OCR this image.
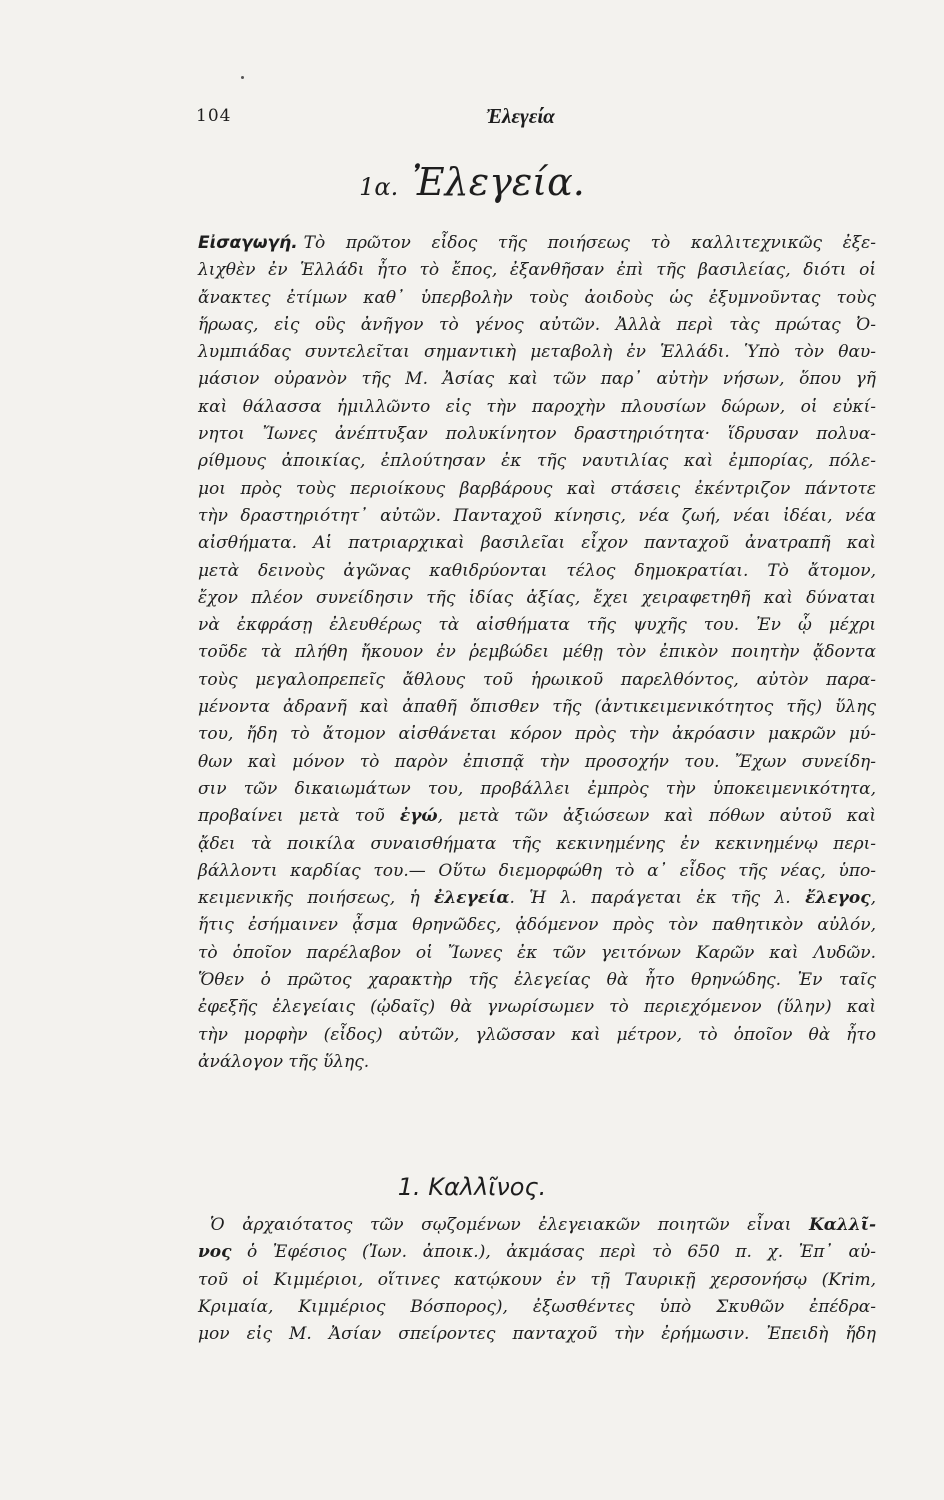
104	Ἐλεγεία
1α. Ἐλεγεία.
Εἰσαγωγή. Τὸ πρῶτον εἶδος τῆς ποιήσεως τὸ καλλιτεχνικῶς ἐξε-
λιχθὲν ἐν Ἑλλάδι ἦτο τὸ ἔπος, ἐξανθῆσαν ἐπὶ τῆς βασιλείας, διότι οἱ
ἄνακτες ἐτίμων καθ᾽ ὑπερβολὴν τοὺς ἀοιδοὺς ὡς ἐξυμνοῦντας τοὺς
ἥρωας, εἰς οὓς ἀνῆγον τὸ γένος αὐτῶν. Ἀλλὰ περὶ τὰς πρώτας Ὀ-
λυμπιάδας συντελεῖται σημαντικὴ μεταβολὴ ἐν Ἑλλάδι. Ὑπὸ τὸν θαυ-
μάσιον οὐρανὸν τῆς Μ. Ἀσίας καὶ τῶν παρ᾽ αὐτὴν νήσων, ὅπου γῆ
καὶ θάλασσα ἡμιλλῶντο εἰς τὴν παροχὴν πλουσίων δώρων, οἱ εὐκί-
νητοι Ἴωνες ἀνέπτυξαν πολυκίνητον δραστηριότητα· ἵδρυσαν πολυα-
ρίθμους ἀποικίας, ἐπλούτησαν ἐκ τῆς ναυτιλίας καὶ ἐμπορίας, πόλε-
μοι πρὸς τοὺς περιοίκους βαρβάρους καὶ στάσεις ἐκέντριζον πάντοτε
τὴν δραστηριότητ᾽ αὐτῶν. Πανταχοῦ κίνησις, νέα ζωή, νέαι ἰδέαι, νέα
αἰσθήματα. Αἱ πατριαρχικαὶ βασιλεῖαι εἶχον πανταχοῦ ἀνατραπῆ καὶ
μετὰ δεινοὺς ἀγῶνας καθιδρύονται τέλος δημοκρατίαι. Τὸ ἄτομον,
ἔχον πλέον συνείδησιν τῆς ἰδίας ἀξίας, ἔχει χειραφετηθῆ καὶ δύναται
νὰ ἐκφράσῃ ἐλευθέρως τὰ αἰσθήματα τῆς ψυχῆς του. Ἐν ᾧ μέχρι
τοῦδε τὰ πλήθη ἤκουον ἐν ῥεμβώδει μέθῃ τὸν ἐπικὸν ποιητὴν ᾄδοντα
τοὺς μεγαλοπρεπεῖς ἄθλους τοῦ ἡρωικοῦ παρελθόντος, αὐτὸν παρα-
μένοντα ἀδρανῆ καὶ ἀπαθῆ ὄπισθεν τῆς (ἀντικειμενικότητος τῆς) ὕλης
του, ἤδη τὸ ἄτομον αἰσθάνεται κόρον πρὸς τὴν ἀκρόασιν μακρῶν μύ-
θων καὶ μόνον τὸ παρὸν ἐπισπᾷ τὴν προσοχήν του. Ἔχων συνείδη-
σιν τῶν δικαιωμάτων του, προβάλλει ἐμπρὸς τὴν ὑποκειμενικότητα,
προβαίνει μετὰ τοῦ ἐγώ, μετὰ τῶν ἀξιώσεων καὶ πόθων αὐτοῦ καὶ
ᾄδει τὰ ποικίλα συναισθήματα τῆς κεκινημένης ἐν κεκινημένῳ περι-
βάλλοντι καρδίας του.— Οὕτω διεμορφώθη τὸ α᾽ εἶδος τῆς νέας, ὑπο-
κειμενικῆς ποιήσεως, ἡ ἐλεγεία. Ἡ λ. παράγεται ἐκ τῆς λ. ἔλεγος,
ἥτις ἐσήμαινεν ᾆσμα θρηνῶδες, ᾀδόμενον πρὸς τὸν παθητικὸν αὐλόν,
τὸ ὁποῖον παρέλαβον οἱ Ἴωνες ἐκ τῶν γειτόνων Καρῶν καὶ Λυδῶν.
Ὅθεν ὁ πρῶτος χαρακτὴρ τῆς ἐλεγείας θὰ ἦτο θρηνώδης. Ἐν ταῖς
ἐφεξῆς ἐλεγείαις (ᾠδαῖς) θὰ γνωρίσωμεν τὸ περιεχόμενον (ὕλην) καὶ
τὴν μορφὴν (εἶδος) αὐτῶν, γλῶσσαν καὶ μέτρον, τὸ ὁποῖον θὰ ἦτο
ἀνάλογον τῆς ὕλης.
1. Καλλῖνος.
Ὁ ἀρχαιότατος τῶν σῳζομένων ἐλεγειακῶν ποιητῶν εἶναι Καλλῖ-
νος ὁ Ἐφέσιος (Ἰων. ἀποικ.), ἀκμάσας περὶ τὸ 650 π. χ. Ἐπ᾽ αὐ-
τοῦ οἱ Κιμμέριοι, οἵτινες κατῴκουν ἐν τῇ Ταυρικῇ χερσονήσῳ (Krim,
Κριμαία, Κιμμέριος Βόσπορος), ἐξωσθέντες ὑπὸ Σκυθῶν ἐπέδρα-
μον εἰς Μ. Ἀσίαν σπείροντες πανταχοῦ τὴν ἐρήμωσιν. Ἐπειδὴ ἤδη
